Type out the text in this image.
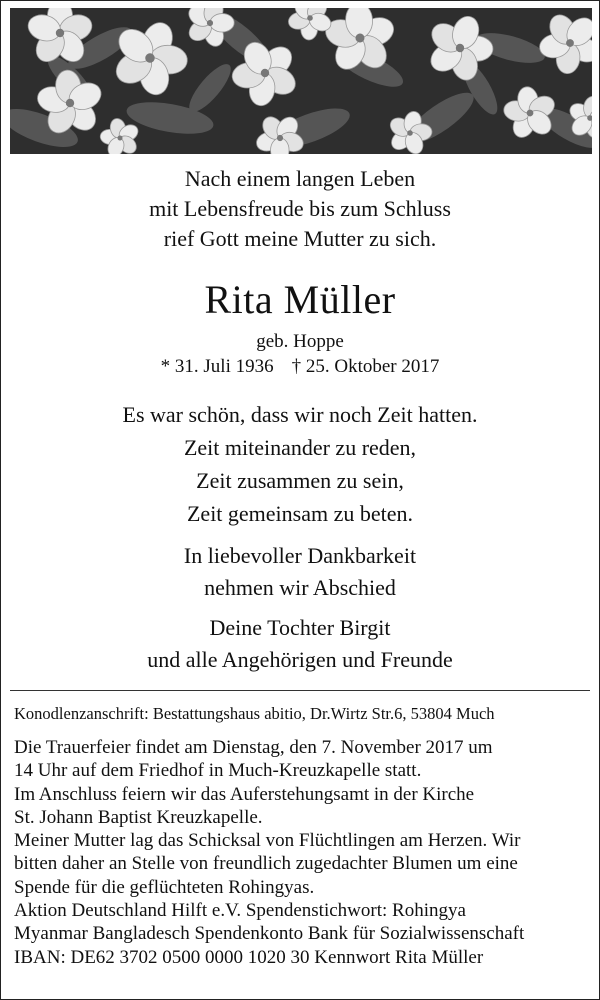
Nach einem langen Leben
mit Lebensfreude bis zum Schluss
rief Gott meine Mutter zu sich.
Rita Müller
geb. Hoppe
* 31. Juli 1936 † 25. Oktober 2017
Es war schön, dass wir noch Zeit hatten.
Zeit miteinander zu reden,
Zeit zusammen zu sein,
Zeit gemeinsam zu beten.
In liebevoller Dankbarkeit
nehmen wir Abschied
Deine Tochter Birgit
und alle Angehörigen und Freunde
Konodlenzanschrift: Bestattungshaus abitio, Dr.Wirtz Str.6, 53804 Much
Die Trauerfeier findet am Dienstag, den 7. November 2017 um
14 Uhr auf dem Friedhof in Much-Kreuzkapelle statt.
Im Anschluss feiern wir das Auferstehungsamt in der Kirche
St. Johann Baptist Kreuzkapelle.
Meiner Mutter lag das Schicksal von Flüchtlingen am Herzen. Wir
bitten daher an Stelle von freundlich zugedachter Blumen um eine
Spende für die geflüchteten Rohingyas.
Aktion Deutschland Hilft e.V. Spendenstichwort: Rohingya
Myanmar Bangladesch Spendenkonto Bank für Sozialwissenschaft
IBAN: DE62 3702 0500 0000 1020 30 Kennwort Rita Müller
